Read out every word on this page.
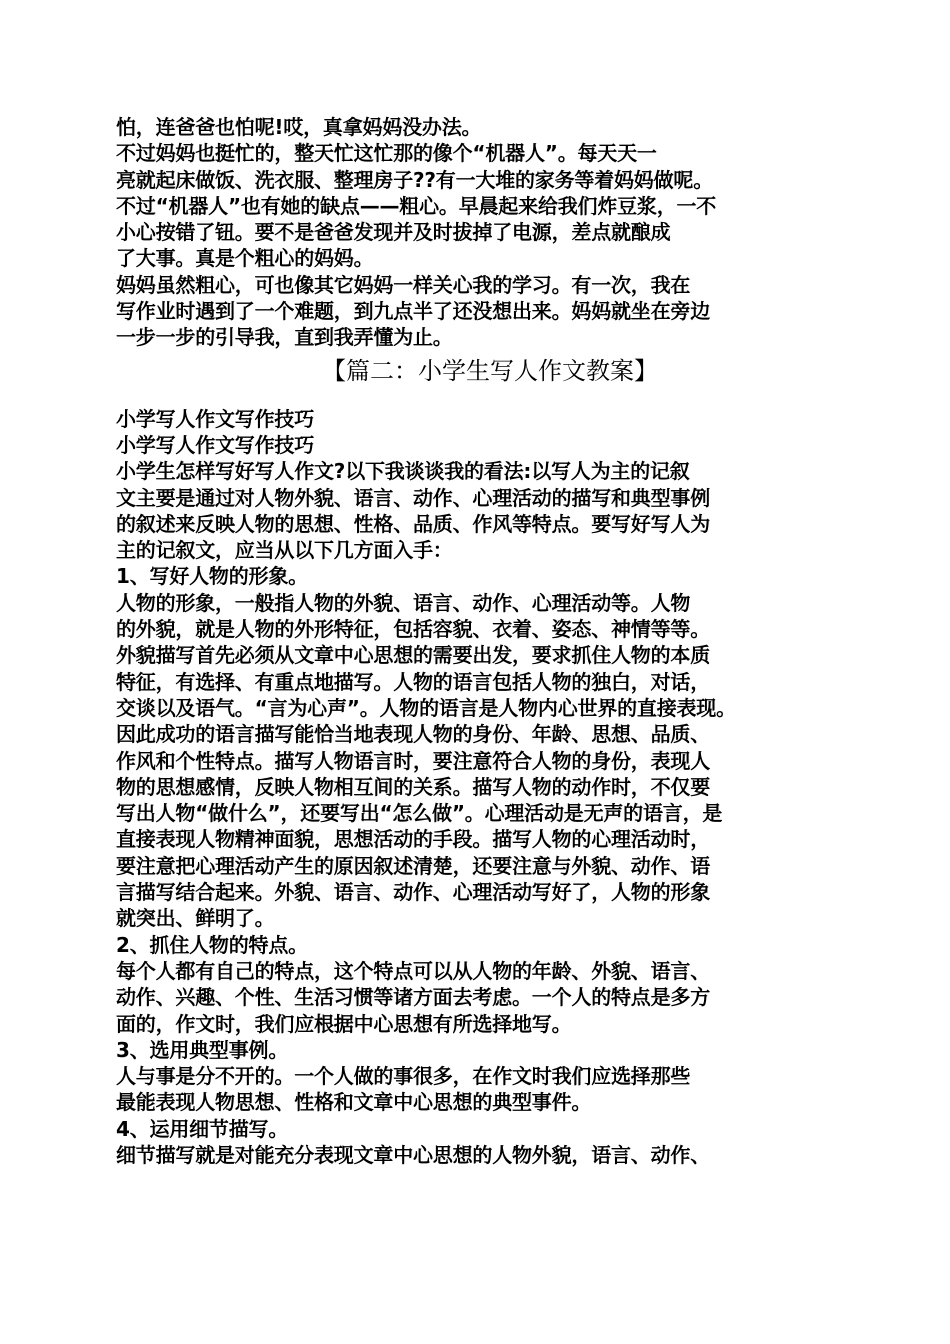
怕，连爸爸也怕呢!哎，真拿妈妈没办法。
不过妈妈也挺忙的，整天忙这忙那的像个“机器人”。每天天一
亮就起床做饭、洗衣服、整理房子??有一大堆的家务等着妈妈做呢。
不过“机器人”也有她的缺点——粗心。早晨起来给我们炸豆浆，一不
小心按错了钮。要不是爸爸发现并及时拔掉了电源，差点就酿成
了大事。真是个粗心的妈妈。
妈妈虽然粗心，可也像其它妈妈一样关心我的学习。有一次，我在
写作业时遇到了一个难题，到九点半了还没想出来。妈妈就坐在旁边
一步一步的引导我，直到我弄懂为止。
【篇二：小学生写人作文教案】
小学写人作文写作技巧
小学写人作文写作技巧
小学生怎样写好写人作文?以下我谈谈我的看法:以写人为主的记叙
文主要是通过对人物外貌、语言、动作、心理活动的描写和典型事例
的叙述来反映人物的思想、性格、品质、作风等特点。要写好写人为
主的记叙文，应当从以下几方面入手：
1、写好人物的形象。
人物的形象，一般指人物的外貌、语言、动作、心理活动等。人物
的外貌，就是人物的外形特征，包括容貌、衣着、姿态、神情等等。
外貌描写首先必须从文章中心思想的需要出发，要求抓住人物的本质
特征，有选择、有重点地描写。人物的语言包括人物的独白，对话，
交谈以及语气。“言为心声”。人物的语言是人物内心世界的直接表现。
因此成功的语言描写能恰当地表现人物的身份、年龄、思想、品质、
作风和个性特点。描写人物语言时，要注意符合人物的身份，表现人
物的思想感情，反映人物相互间的关系。描写人物的动作时，不仅要
写出人物“做什么”，还要写出“怎么做”。心理活动是无声的语言，是
直接表现人物精神面貌，思想活动的手段。描写人物的心理活动时，
要注意把心理活动产生的原因叙述清楚，还要注意与外貌、动作、语
言描写结合起来。外貌、语言、动作、心理活动写好了，人物的形象
就突出、鲜明了。
2、抓住人物的特点。
每个人都有自己的特点，这个特点可以从人物的年龄、外貌、语言、
动作、兴趣、个性、生活习惯等诸方面去考虑。一个人的特点是多方
面的，作文时，我们应根据中心思想有所选择地写。
3、选用典型事例。
人与事是分不开的。一个人做的事很多，在作文时我们应选择那些
最能表现人物思想、性格和文章中心思想的典型事件。
4、运用细节描写。
细节描写就是对能充分表现文章中心思想的人物外貌，语言、动作、
